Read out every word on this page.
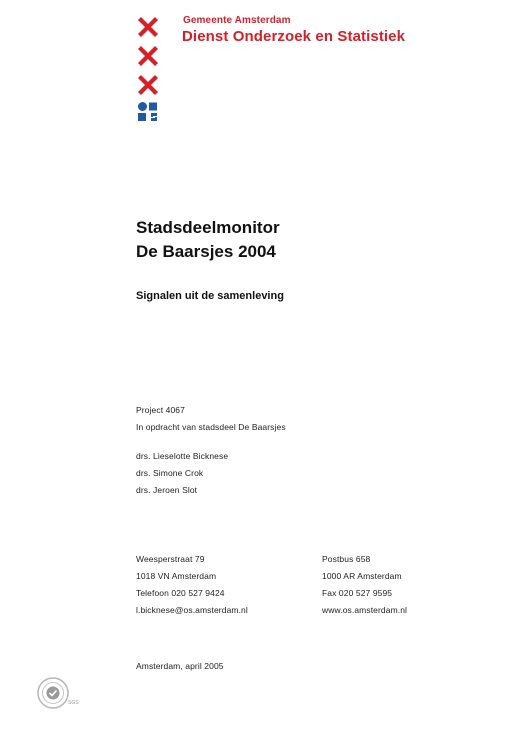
Gemeente Amsterdam
Dienst Onderzoek en Statistiek
Stadsdeelmonitor
De Baarsjes 2004
Signalen uit de samenleving
Project 4067
In opdracht van stadsdeel De Baarsjes
drs. Lieselotte Bicknese
drs. Simone Crok
drs. Jeroen Slot
Weesperstraat 79
1018 VN Amsterdam
Telefoon 020 527 9424
l.bicknese@os.amsterdam.nl
Postbus 658
1000 AR Amsterdam
Fax 020 527 9595
www.os.amsterdam.nl
Amsterdam, april 2005
SGS
